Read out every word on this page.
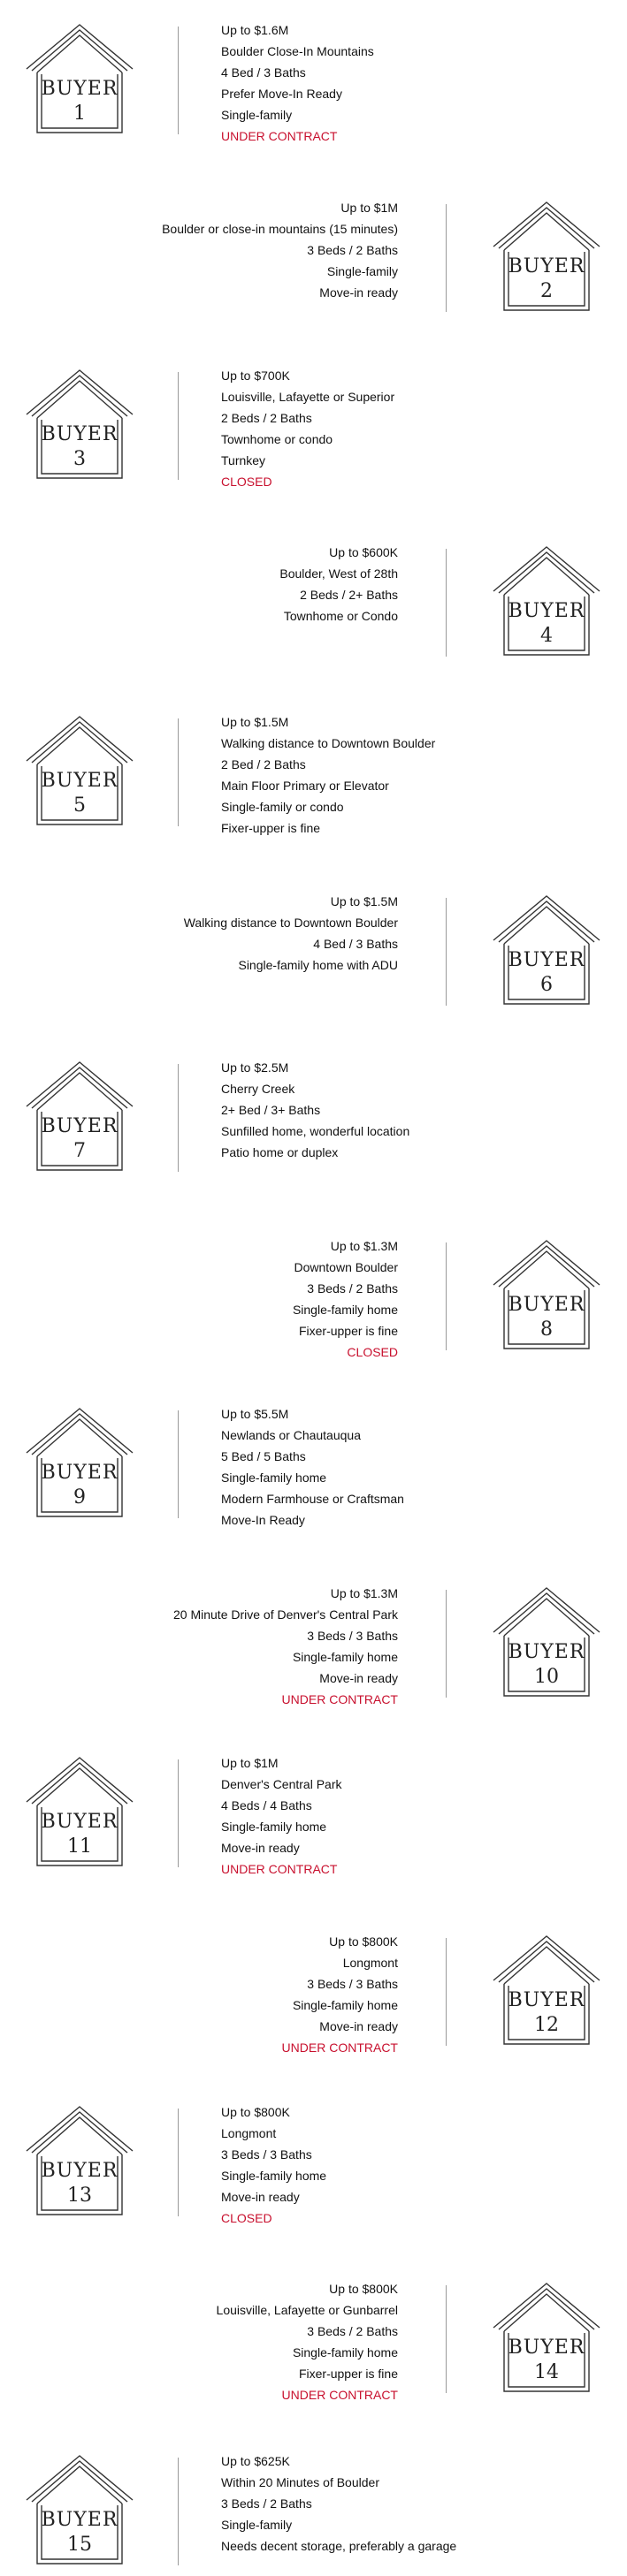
BUYER
1
Up to $1.6M
Boulder Close-In Mountains
4 Bed / 3 Baths
Prefer Move-In Ready
Single-family
UNDER CONTRACT
BUYER
2
Up to $1M
Boulder or close-in mountains (15 minutes)
3 Beds / 2 Baths
Single-family
Move-in ready
BUYER
3
Up to $700K
Louisville, Lafayette or Superior
2 Beds / 2 Baths
Townhome or condo
Turnkey
CLOSED
BUYER
4
Up to $600K
Boulder, West of 28th
2 Beds / 2+ Baths
Townhome or Condo
BUYER
5
Up to $1.5M
Walking distance to Downtown Boulder
2 Bed / 2 Baths
Main Floor Primary or Elevator
Single-family or condo
Fixer-upper is fine
BUYER
6
Up to $1.5M
Walking distance to Downtown Boulder
4 Bed / 3 Baths
Single-family home with ADU
BUYER
7
Up to $2.5M
Cherry Creek
2+ Bed / 3+ Baths
Sunfilled home, wonderful location
Patio home or duplex
BUYER
8
Up to $1.3M
Downtown Boulder
3 Beds / 2 Baths
Single-family home
Fixer-upper is fine
CLOSED
BUYER
9
Up to $5.5M
Newlands or Chautauqua
5 Bed / 5 Baths
Single-family home
Modern Farmhouse or Craftsman
Move-In Ready
BUYER
10
Up to $1.3M
20 Minute Drive of Denver's Central Park
3 Beds / 3 Baths
Single-family home
Move-in ready
UNDER CONTRACT
BUYER
11
Up to $1M
Denver's Central Park
4 Beds / 4 Baths
Single-family home
Move-in ready
UNDER CONTRACT
BUYER
12
Up to $800K
Longmont
3 Beds / 3 Baths
Single-family home
Move-in ready
UNDER CONTRACT
BUYER
13
Up to $800K
Longmont
3 Beds / 3 Baths
Single-family home
Move-in ready
CLOSED
BUYER
14
Up to $800K
Louisville, Lafayette or Gunbarrel
3 Beds / 2 Baths
Single-family home
Fixer-upper is fine
UNDER CONTRACT
BUYER
15
Up to $625K
Within 20 Minutes of Boulder
3 Beds / 2 Baths
Single-family
Needs decent storage, preferably a garage
